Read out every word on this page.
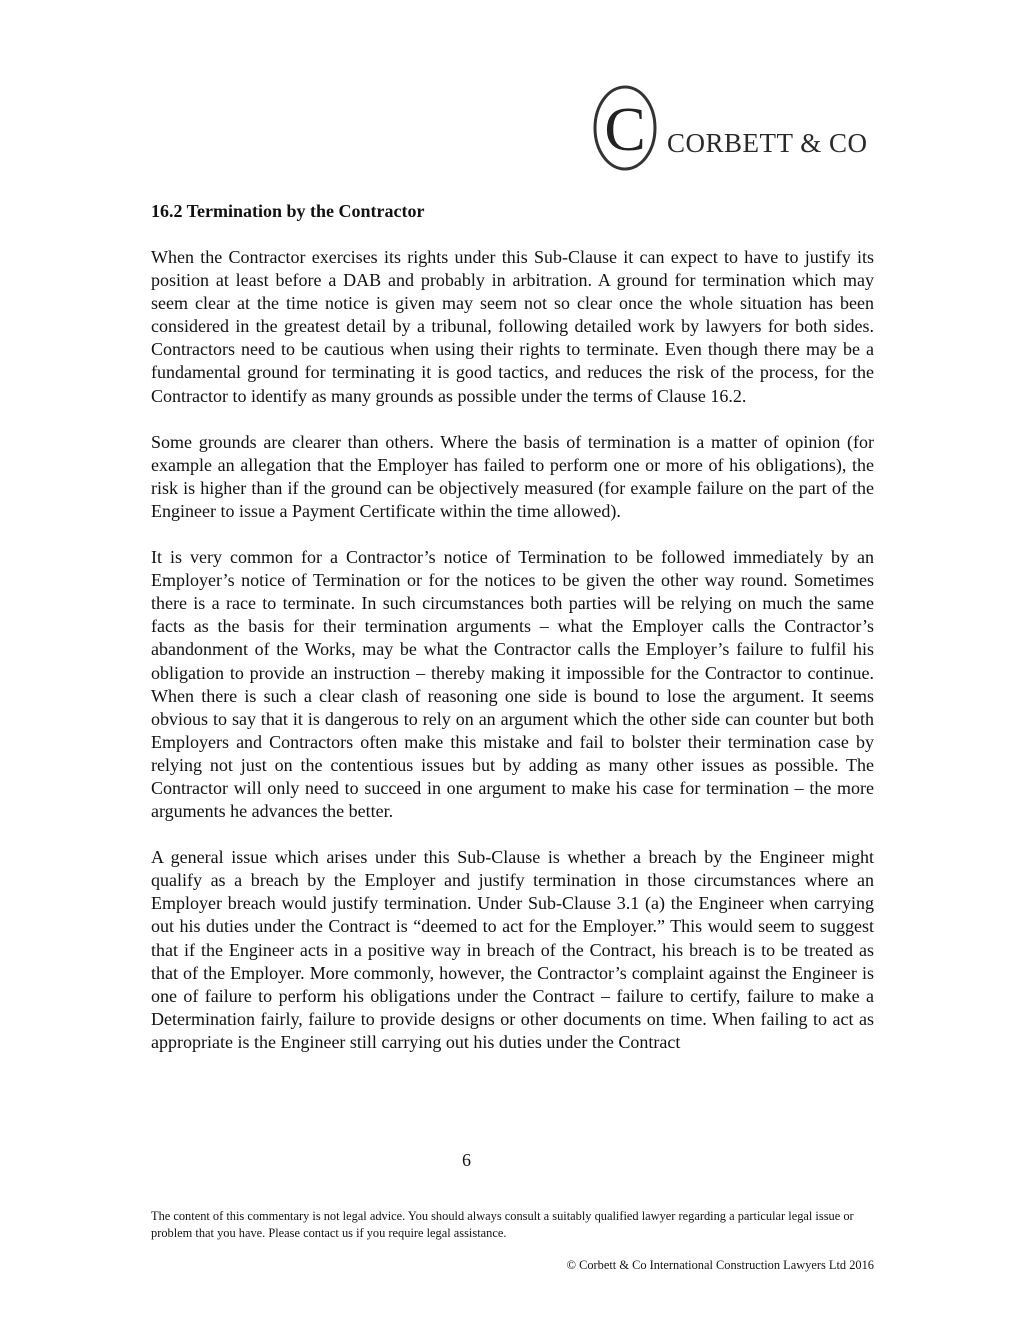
C CORBETT & CO
16.2 Termination by the Contractor

When the Contractor exercises its rights under this Sub-Clause it can expect to have to justify its position at least before a DAB and probably in arbitration. A ground for termination which may seem clear at the time notice is given may seem not so clear once the whole situation has been considered in the greatest detail by a tribunal, following detailed work by lawyers for both sides. Contractors need to be cautious when using their rights to terminate. Even though there may be a fundamental ground for terminating it is good tactics, and reduces the risk of the process, for the Contractor to identify as many grounds as possible under the terms of Clause 16.2.

Some grounds are clearer than others. Where the basis of termination is a matter of opinion (for example an allegation that the Employer has failed to perform one or more of his obligations), the risk is higher than if the ground can be objectively measured (for example failure on the part of the Engineer to issue a Payment Certificate within the time allowed).

It is very common for a Contractor’s notice of Termination to be followed immediately by an Employer’s notice of Termination or for the notices to be given the other way round. Sometimes there is a race to terminate. In such circumstances both parties will be relying on much the same facts as the basis for their termination arguments – what the Employer calls the Contractor’s abandonment of the Works, may be what the Contractor calls the Employer’s failure to fulfil his obligation to provide an instruction – thereby making it impossible for the Contractor to continue. When there is such a clear clash of reasoning one side is bound to lose the argument. It seems obvious to say that it is dangerous to rely on an argument which the other side can counter but both Employers and Contractors often make this mistake and fail to bolster their termination case by relying not just on the contentious issues but by adding as many other issues as possible. The Contractor will only need to succeed in one argument to make his case for termination – the more arguments he advances the better.

A general issue which arises under this Sub-Clause is whether a breach by the Engineer might qualify as a breach by the Employer and justify termination in those circumstances where an Employer breach would justify termination. Under Sub-Clause 3.1 (a) the Engineer when carrying out his duties under the Contract is “deemed to act for the Employer.” This would seem to suggest that if the Engineer acts in a positive way in breach of the Contract, his breach is to be treated as that of the Employer. More commonly, however, the Contractor’s complaint against the Engineer is one of failure to perform his obligations under the Contract – failure to certify, failure to make a Determination fairly, failure to provide designs or other documents on time. When failing to act as appropriate is the Engineer still carrying out his duties under the Contract

6
The content of this commentary is not legal advice. You should always consult a suitably qualified lawyer regarding a particular legal issue or problem that you have. Please contact us if you require legal assistance.
© Corbett & Co International Construction Lawyers Ltd 2016
